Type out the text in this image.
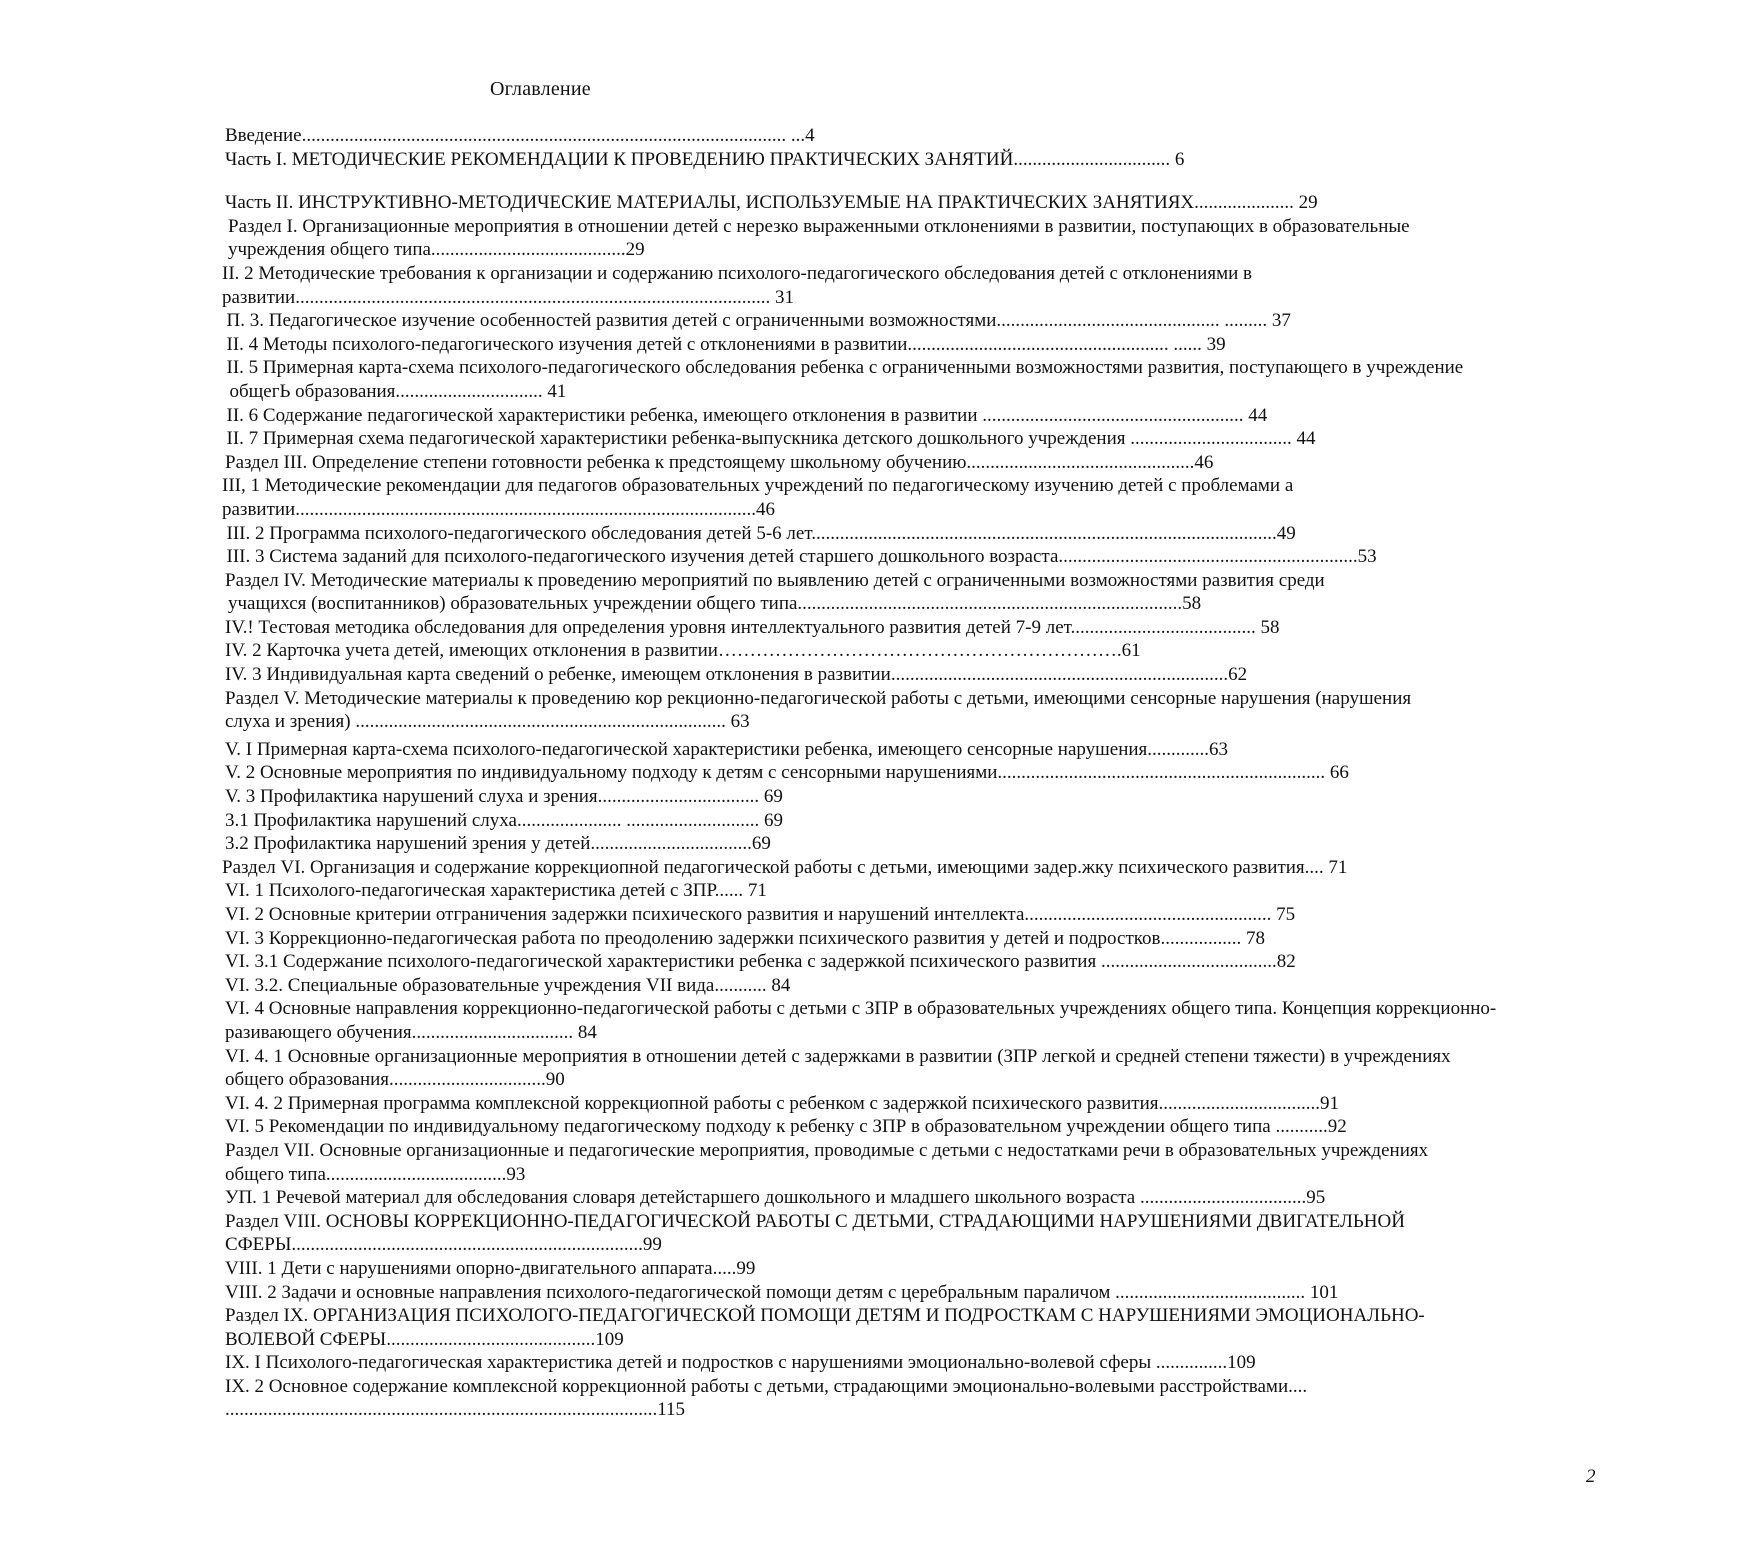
Оглавление
Введение...................................................................................................... ...4
Часть I. МЕТОДИЧЕСКИЕ РЕКОМЕНДАЦИИ К ПРОВЕДЕНИЮ ПРАКТИЧЕСКИХ ЗАНЯТИЙ................................. 6
Часть II. ИНСТРУКТИВНО-МЕТОДИЧЕСКИЕ МАТЕРИАЛЫ, ИСПОЛЬЗУЕМЫЕ НА ПРАКТИЧЕСКИХ ЗАНЯТИЯХ..................... 29
Раздел I. Организационные мероприятия в отношении детей с нерезко выраженными отклонениями в развитии, поступающих в образовательные
учреждения общего типа.........................................29
II. 2 Методические требования к организации и содержанию психолого-педагогического обследования детей с отклонениями в
развитии.................................................................................................... 31
П. 3. Педагогическое изучение особенностей развития детей с ограниченными возможностями............................................... ......... 37
II. 4 Методы психолого-педагогического изучения детей с отклонениями в развитии....................................................... ...... 39
II. 5 Примерная карта-схема психолого-педагогического обследования ребенка с ограниченными возможностями развития, поступающего в учреждение
общегЬ образования............................... 41
II. 6 Содержание педагогической характеристики ребенка, имеющего отклонения в развитии ....................................................... 44
II. 7 Примерная схема педагогической характеристики ребенка-выпускника детского дошкольного учреждения .................................. 44
Раздел III. Определение степени готовности ребенка к предстоящему школьному обучению................................................46
III, 1 Методические рекомендации для педагогов образовательных учреждений по педагогическому изучению детей с проблемами а
развитии.................................................................................................46
III. 2 Программа психолого-педагогического обследования детей 5-6 лет..................................................................................................49
III. 3 Система заданий для психолого-педагогического изучения детей старшего дошкольного возраста...............................................................53
Раздел IV. Методические материалы к проведению мероприятий по выявлению детей с ограниченными возможностями развития среди
учащихся (воспитанников) образовательных учреждении общего типа.................................................................................58
IV.! Тестовая методика обследования для определения уровня интеллектуального развития детей 7-9 лет....................................... 58
IV. 2 Карточка учета детей, имеющих отклонения в развитии……………………………………………………….61
IV. 3 Индивидуальная карта сведений о ребенке, имеющем отклонения в развитии.......................................................................62
Раздел V. Методические материалы к проведению кор рекционно-педагогической работы с детьми, имеющими сенсорные нарушения (нарушения
слуха и зрения) .............................................................................. 63
V. I Примерная карта-схема психолого-педагогической характеристики ребенка, имеющего сенсорные нарушения.............63
V. 2 Основные мероприятия по индивидуальному подходу к детям с сенсорными нарушениями..................................................................... 66
V. 3 Профилактика нарушений слуха и зрения.................................. 69
3.1 Профилактика нарушений слуха...................... ............................ 69
3.2 Профилактика нарушений зрения у детей..................................69
Раздел VI. Организация и содержание коррекциопной педагогической работы с детьми, имеющими задер.жку психического развития.... 71
VI. 1 Психолого-педагогическая характеристика детей с ЗПР...... 71
VI. 2 Основные критерии отграничения задержки психического развития и нарушений интеллекта.................................................... 75
VI. 3 Коррекционно-педагогическая работа по преодолению задержки психического развития у детей и подростков................. 78
VI. 3.1 Содержание психолого-педагогической характеристики ребенка с задержкой психического развития .....................................82
VI. 3.2. Специальные образовательные учреждения VII вида........... 84
VI. 4 Основные направления коррекционно-педагогической работы с детьми с ЗПР в образовательных учреждениях общего типа. Концепция коррекционно-
разивающего обучения.................................. 84
VI. 4. 1 Основные организационные мероприятия в отношении детей с задержками в развитии (ЗПР легкой и средней степени тяжести) в учреждениях
общего образования.................................90
VI. 4. 2 Примерная программа комплексной коррекциопной работы с ребенком с задержкой психического развития..................................91
VI. 5 Рекомендации по индивидуальному педагогическому подходу к ребенку с ЗПР в образовательном учреждении общего типа ...........92
Раздел VII. Основные организационные и педагогические мероприятия, проводимые с детьми с недостатками речи в образовательных учреждениях
общего типа......................................93
УП. 1 Речевой материал для обследования словаря детейстаршего дошкольного и младшего школьного возраста ...................................95
Раздел VIII. ОСНОВЫ КОРРЕКЦИОННО-ПЕДАГОГИЧЕСКОЙ РАБОТЫ С ДЕТЬМИ, СТРАДАЮЩИМИ НАРУШЕНИЯМИ ДВИГАТЕЛЬНОЙ
СФЕРЫ..........................................................................99
VIII. 1 Дети с нарушениями опорно-двигательного аппарата.....99
VIII. 2 Задачи и основные направления психолого-педагогической помощи детям с церебральным параличом ........................................ 101
Раздел IX. ОРГАНИЗАЦИЯ ПСИХОЛОГО-ПЕДАГОГИЧЕСКОЙ ПОМОЩИ ДЕТЯМ И ПОДРОСТКАМ С НАРУШЕНИЯМИ ЭМОЦИОНАЛЬНО-
ВОЛЕВОЙ СФЕРЫ............................................109
IX. I Психолого-педагогическая характеристика детей и подростков с нарушениями эмоционально-волевой сферы ...............109
IX. 2 Основное содержание комплексной коррекционной работы с детьми, страдающими эмоционально-волевыми расстройствами....
...........................................................................................115
2
